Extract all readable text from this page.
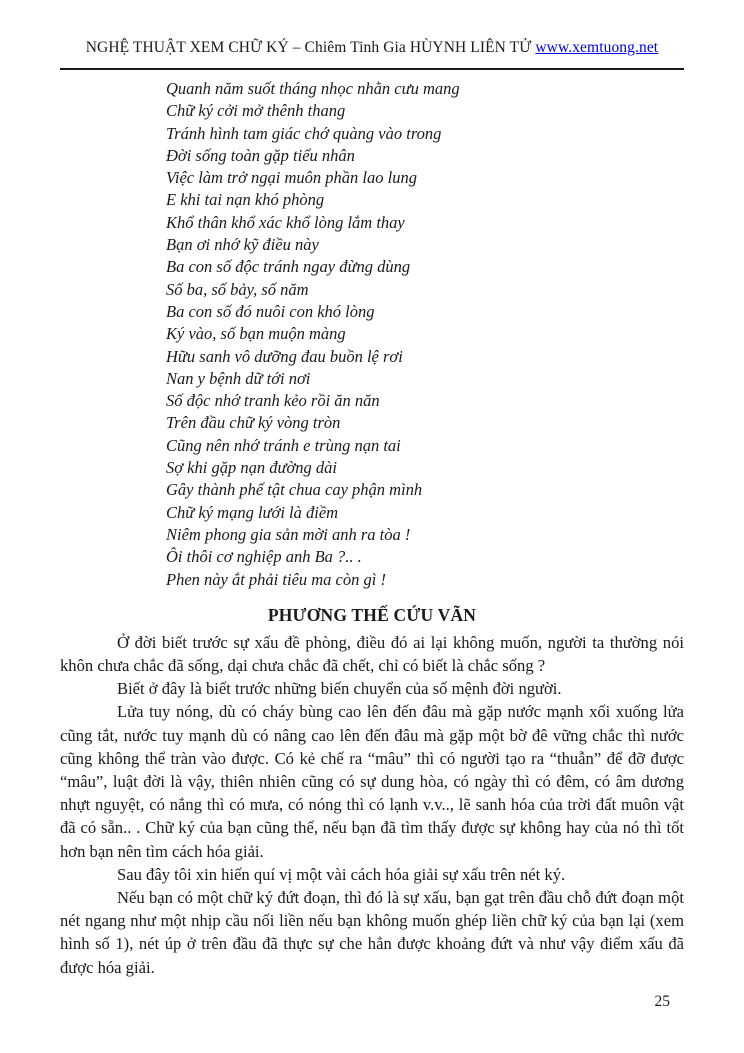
NGHỆ THUẬT XEM CHỮ KÝ – Chiêm Tinh Gia HÙYNH LIÊN TỬ www.xemtuong.net
Quanh năm suốt tháng nhọc nhằn cưu mang
Chữ ký cởi mở thênh thang
Tránh hình tam giác chớ quàng vào trong
Đời sống toàn gặp tiểu nhân
Việc làm trở ngại muôn phần lao lung
E khi tai nạn khó phòng
Khổ thân khổ xác khổ lòng lắm thay
Bạn ơi nhớ kỹ điều này
Ba con số độc tránh ngay đừng dùng
Số ba, số bảy, số năm
Ba con số đó nuôi con khó lòng
Ký vào, số bạn muộn màng
Hữu sanh vô dưỡng đau buồn lệ rơi
Nan y bệnh dữ tới nơi
Số độc nhớ tranh kẻo rồi ăn năn
Trên đầu chữ ký vòng tròn
Cũng nên nhớ tránh e trùng nạn tai
Sợ khi gặp nạn đường dài
Gây thành phế tật chua cay phận mình
Chữ ký mạng lưới là điềm
Niêm phong gia sản mời anh ra tòa !
Ôi thôi cơ nghiệp anh Ba ?.. .
Phen này ắt phải tiêu ma còn gì !
PHƯƠNG THẾ CỨU VÃN

Ở đời biết trước sự xấu đề phòng, điều đó ai lại không muốn, người ta thường nói khôn chưa chắc đã sống, dại chưa chắc đã chết, chỉ có biết là chắc sống ?

Biết ở đây là biết trước những biến chuyển của số mệnh đời người.

Lửa tuy nóng, dù có cháy bùng cao lên đến đâu mà gặp nước mạnh xối xuống lửa cũng tắt, nước tuy mạnh dù có nâng cao lên đến đâu mà gặp một bờ đê vững chắc thì nước cũng không thể tràn vào được. Có kẻ chế ra “mâu” thì có người tạo ra “thuẫn” để đỡ được “mâu”, luật đời là vậy, thiên nhiên cũng có sự dung hòa, có ngày thì có đêm, có âm dương nhựt nguyệt, có nắng thì có mưa, có nóng thì có lạnh v.v.., lẽ sanh hóa của trời đất muôn vật đã có sẵn.. . Chữ ký của bạn cũng thế, nếu bạn đã tìm thấy được sự không hay của nó thì tốt hơn bạn nên tìm cách hóa giải.

Sau đây tôi xin hiến quí vị một vài cách hóa giải sự xấu trên nét ký.

Nếu bạn có một chữ ký đứt đoạn, thì đó là sự xấu, bạn gạt trên đầu chỗ đứt đoạn một nét ngang như một nhịp cầu nối liền nếu bạn không muốn ghép liền chữ ký của bạn lại (xem hình số 1), nét úp ở trên đầu đã thực sự che hẳn được khoảng đứt và như vậy điểm xấu đã được hóa giải.

25
